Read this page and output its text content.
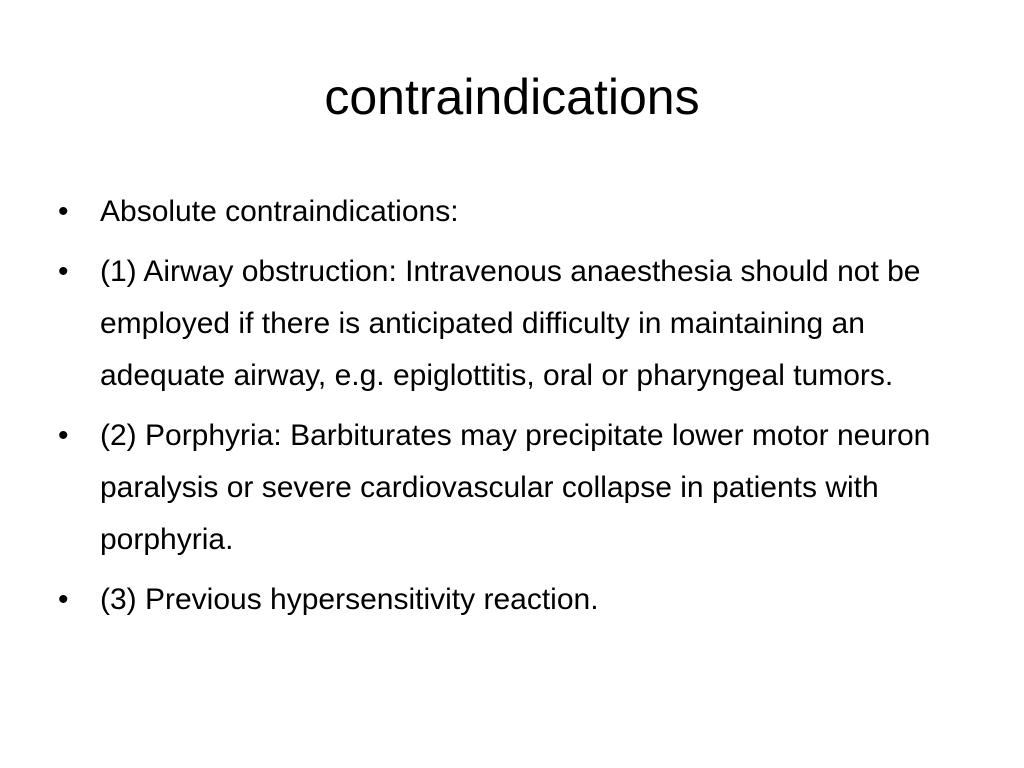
contraindications
•	Absolute contraindications:
•	(1) Airway obstruction: Intravenous anaesthesia should not be employed if there is anticipated difficulty in maintaining an adequate airway, e.g. epiglottitis, oral or pharyngeal tumors.
•	(2) Porphyria: Barbiturates may precipitate lower motor neuron paralysis or severe cardiovascular collapse in patients with porphyria.
•	(3) Previous hypersensitivity reaction.
